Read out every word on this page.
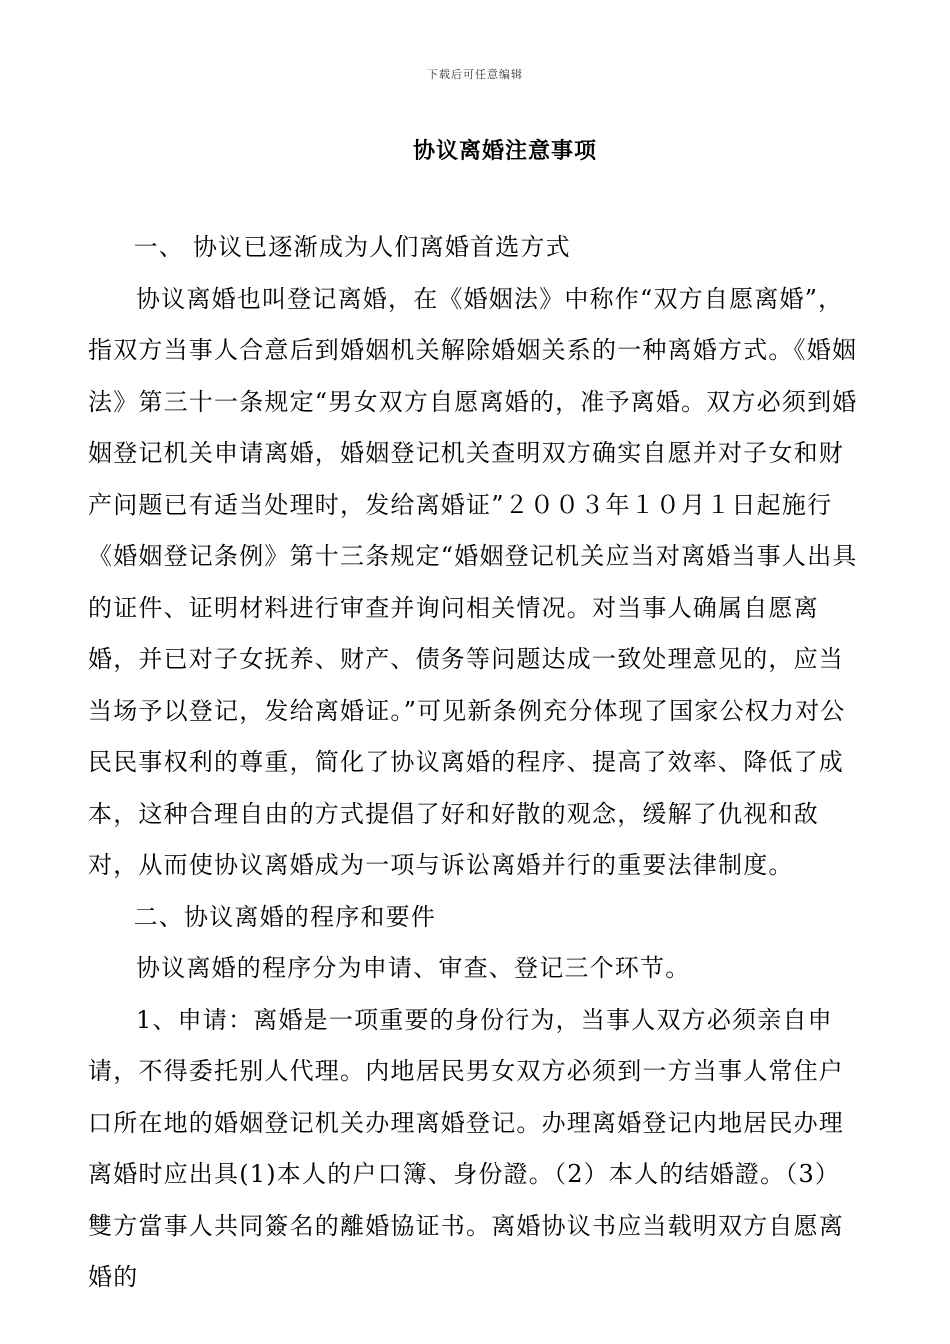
下载后可任意编辑
协议离婚注意事项

一、 协议已逐渐成为人们离婚首选方式

协议离婚也叫登记离婚，在《婚姻法》中称作“双方自愿离婚”，指双方当事人合意后到婚姻机关解除婚姻关系的一种离婚方式。《婚姻法》第三十一条规定“男女双方自愿离婚的，准予离婚。双方必须到婚姻登记机关申请离婚，婚姻登记机关查明双方确实自愿并对子女和财产问题已有适当处理时，发给离婚证”２００３年１０月１日起施行《婚姻登记条例》第十三条规定“婚姻登记机关应当对离婚当事人出具的证件、证明材料进行审查并询问相关情况。对当事人确属自愿离婚，并已对子女抚养、财产、债务等问题达成一致处理意见的，应当当场予以登记，发给离婚证。”可见新条例充分体现了国家公权力对公民民事权利的尊重，简化了协议离婚的程序、提高了效率、降低了成本，这种合理自由的方式提倡了好和好散的观念，缓解了仇视和敌对，从而使协议离婚成为一项与诉讼离婚并行的重要法律制度。

二、协议离婚的程序和要件

协议离婚的程序分为申请、审查、登记三个环节。

1、申请：离婚是一项重要的身份行为，当事人双方必须亲自申请，不得委托别人代理。内地居民男女双方必须到一方当事人常住户口所在地的婚姻登记机关办理离婚登记。办理离婚登记内地居民办理离婚时应出具(1)本人的户口簿、身份證。（2）本人的结婚證。（3）雙方當事人共同簽名的離婚協证书。离婚协议书应当载明双方自愿离婚的
